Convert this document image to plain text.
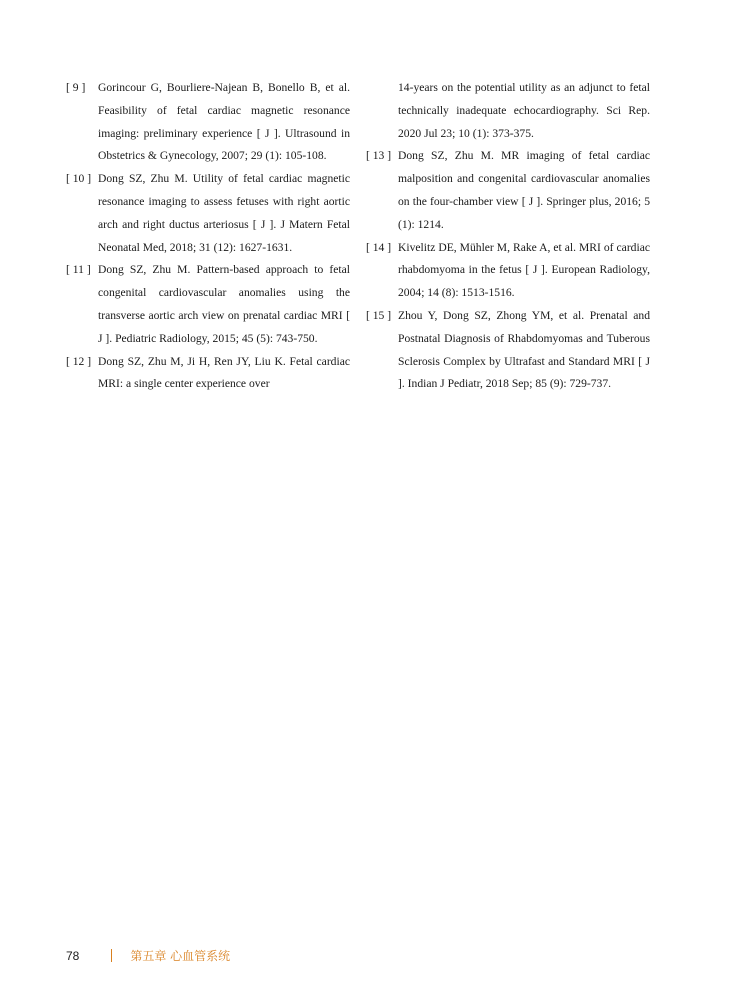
[ 9 ] Gorincour G, Bourliere-Najean B, Bonello B, et al. Feasibility of fetal cardiac magnetic resonance imaging: preliminary experience [ J ]. Ultrasound in Obstetrics & Gynecology, 2007; 29 (1): 105-108.
[ 10 ] Dong SZ, Zhu M. Utility of fetal cardiac magnetic resonance imaging to assess fetuses with right aortic arch and right ductus arteriosus [ J ]. J Matern Fetal Neonatal Med, 2018; 31 (12): 1627-1631.
[ 11 ] Dong SZ, Zhu M. Pattern-based approach to fetal congenital cardiovascular anomalies using the transverse aortic arch view on prenatal cardiac MRI [ J ]. Pediatric Radiology, 2015; 45 (5): 743-750.
[ 12 ] Dong SZ, Zhu M, Ji H, Ren JY, Liu K. Fetal cardiac MRI: a single center experience over
14-years on the potential utility as an adjunct to fetal technically inadequate echocardiography. Sci Rep. 2020 Jul 23; 10 (1): 373-375.
[ 13 ] Dong SZ, Zhu M. MR imaging of fetal cardiac malposition and congenital cardiovascular anomalies on the four-chamber view [ J ]. Springer plus, 2016; 5 (1): 1214.
[ 14 ] Kivelitz DE, Mühler M, Rake A, et al. MRI of cardiac rhabdomyoma in the fetus [ J ]. European Radiology, 2004; 14 (8): 1513-1516.
[ 15 ] Zhou Y, Dong SZ, Zhong YM, et al. Prenatal and Postnatal Diagnosis of Rhabdomyomas and Tuberous Sclerosis Complex by Ultrafast and Standard MRI [ J ]. Indian J Pediatr, 2018 Sep; 85 (9): 729-737.
78	第五章 心血管系统
